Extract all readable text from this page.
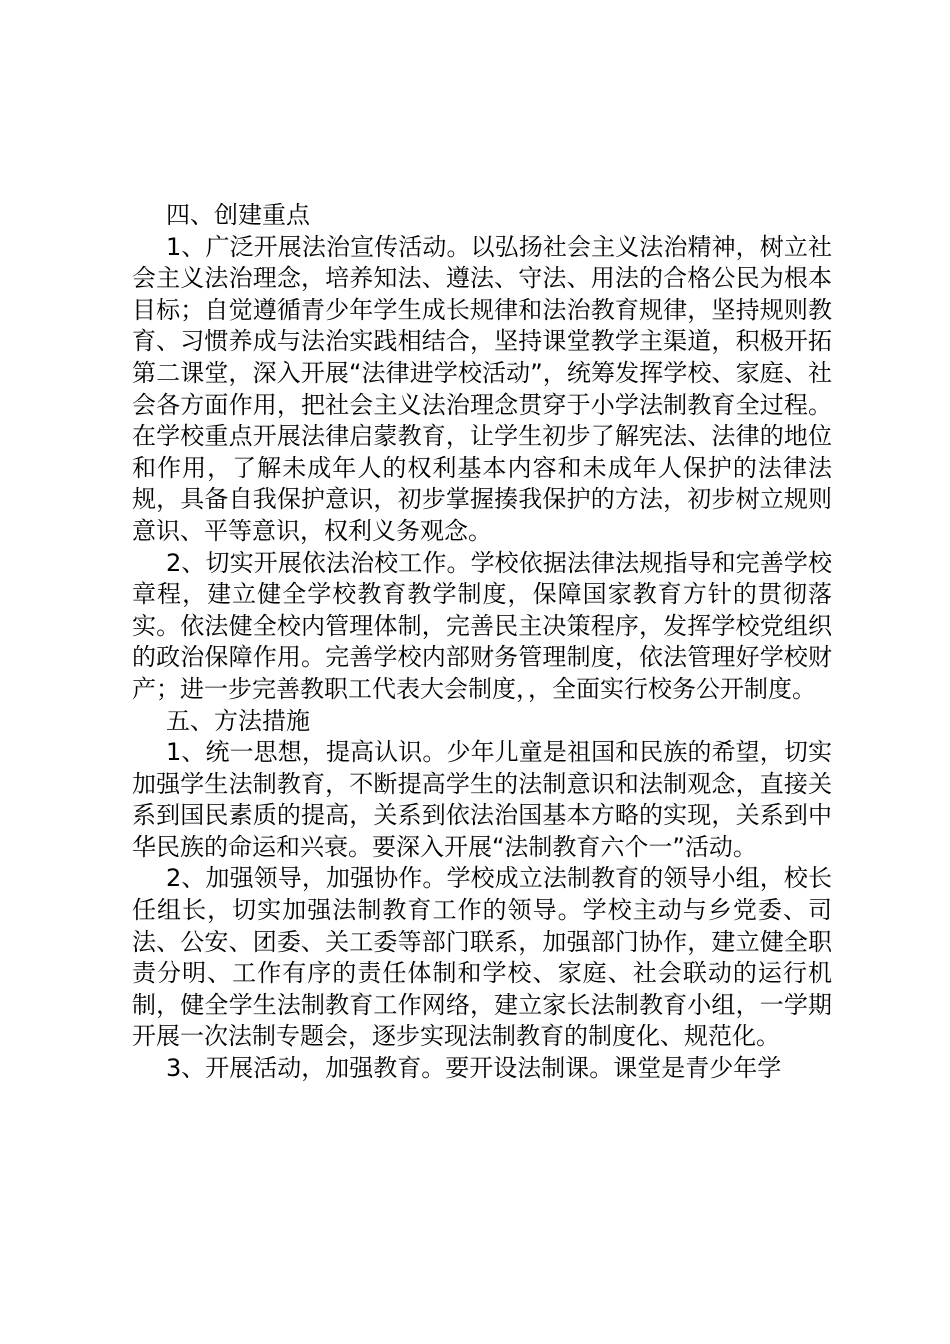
四、创建重点

1、广泛开展法治宣传活动。以弘扬社会主义法治精神，树立社会主义法治理念，培养知法、遵法、守法、用法的合格公民为根本目标；自觉遵循青少年学生成长规律和法治教育规律，坚持规则教育、习惯养成与法治实践相结合，坚持课堂教学主渠道，积极开拓第二课堂，深入开展“法律进学校活动”，统筹发挥学校、家庭、社会各方面作用，把社会主义法治理念贯穿于小学法制教育全过程。在学校重点开展法律启蒙教育，让学生初步了解宪法、法律的地位和作用，了解未成年人的权利基本内容和未成年人保护的法律法规，具备自我保护意识，初步掌握揍我保护的方法，初步树立规则意识、平等意识，权利义务观念。

2、切实开展依法治校工作。学校依据法律法规指导和完善学校章程，建立健全学校教育教学制度，保障国家教育方针的贯彻落实。依法健全校内管理体制，完善民主决策程序，发挥学校党组织的政治保障作用。完善学校内部财务管理制度，依法管理好学校财产；进一步完善教职工代表大会制度，，全面实行校务公开制度。

五、方法措施

1、统一思想，提高认识。少年儿童是祖国和民族的希望，切实加强学生法制教育，不断提高学生的法制意识和法制观念，直接关系到国民素质的提高，关系到依法治国基本方略的实现，关系到中华民族的命运和兴衰。要深入开展“法制教育六个一”活动。

2、加强领导，加强协作。学校成立法制教育的领导小组，校长任组长，切实加强法制教育工作的领导。学校主动与乡党委、司法、公安、团委、关工委等部门联系，加强部门协作，建立健全职责分明、工作有序的责任体制和学校、家庭、社会联动的运行机制，健全学生法制教育工作网络，建立家长法制教育小组，一学期开展一次法制专题会，逐步实现法制教育的制度化、规范化。

3、开展活动，加强教育。要开设法制课。课堂是青少年学
